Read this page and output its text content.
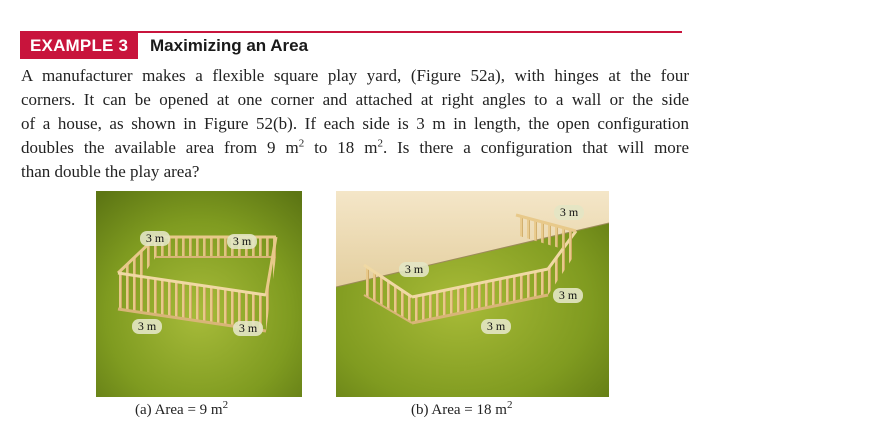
EXAMPLE 3	Maximizing an Area
A manufacturer makes a flexible square play yard, (Figure 52a), with hinges at the four
corners. It can be opened at one corner and attached at right angles to a wall or the side
of a house, as shown in Figure 52(b). If each side is 3 m in length, the open configuration
doubles the available area from 9 $m^2$ to 18 $m^2$. Is there a configuration that will more
than double the play area?
3 m	3 m
3 m	3 m
3 m
3 m
3 m
3 m
(a) Area = 9 $m^2$	(b) Area = 18 $m^2$
